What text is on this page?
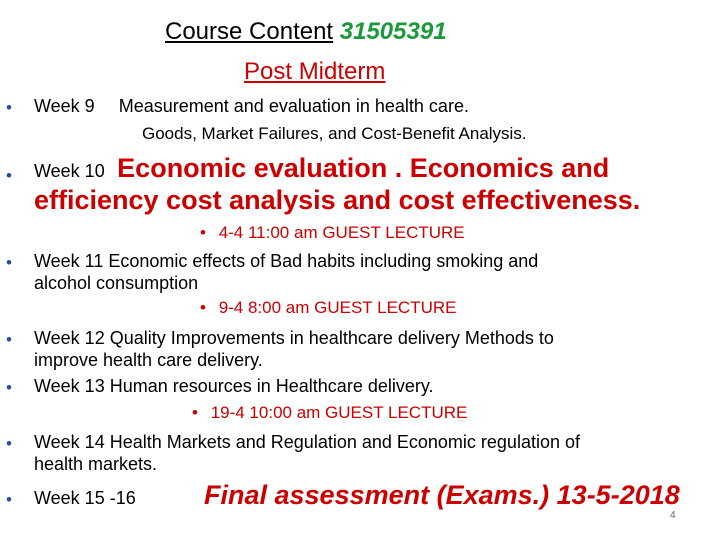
Course Content 31505391
Post Midterm
• Week 9 Measurement and evaluation in health care.
Goods, Market Failures, and Cost-Benefit Analysis.
• Week 10 Economic evaluation . Economics and
efficiency cost analysis and cost effectiveness.
• 4-4 11:00 am GUEST LECTURE
• Week 11 Economic effects of Bad habits including smoking and
alcohol consumption
• 9-4 8:00 am GUEST LECTURE
• Week 12 Quality Improvements in healthcare delivery Methods to
improve health care delivery.
• Week 13 Human resources in Healthcare delivery.
• 19-4 10:00 am GUEST LECTURE
• Week 14 Health Markets and Regulation and Economic regulation of
health markets.
• Week 15 -16	Final assessment (Exams.) 13-5-2018
4
